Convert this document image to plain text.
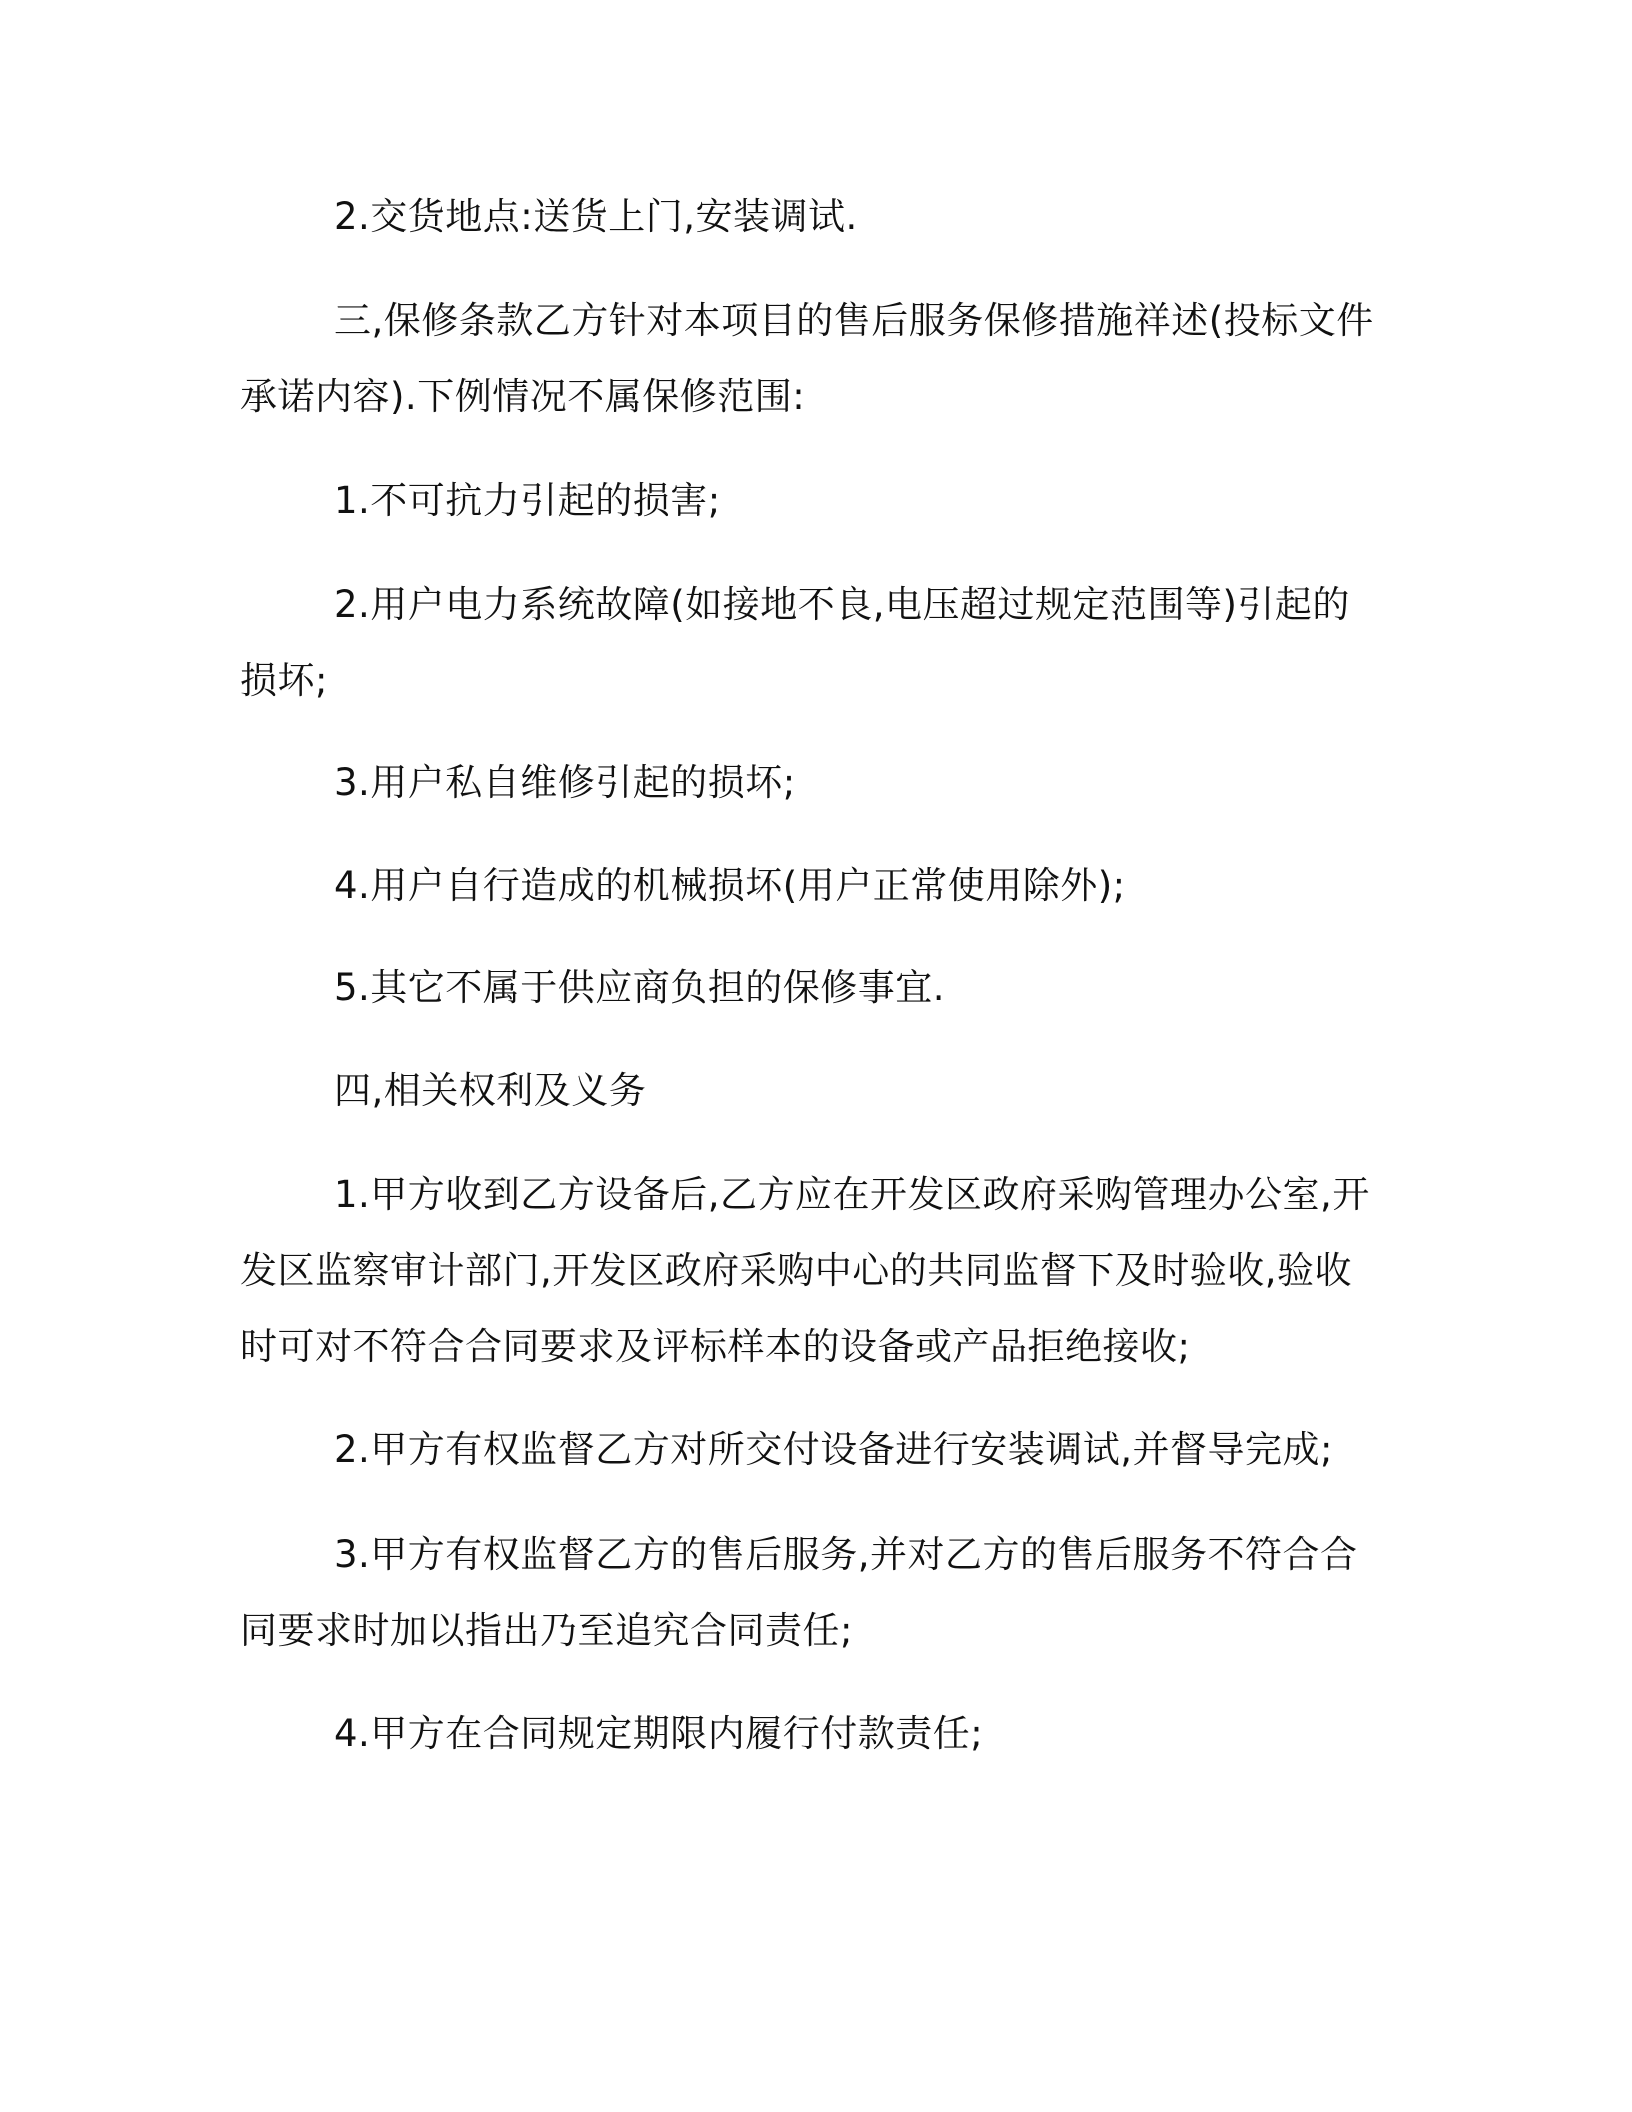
2.交货地点:送货上门,安装调试.

三,保修条款乙方针对本项目的售后服务保修措施祥述(投标文件承诺内容).下例情况不属保修范围:

1.不可抗力引起的损害;

2.用户电力系统故障(如接地不良,电压超过规定范围等)引起的损坏;

3.用户私自维修引起的损坏;

4.用户自行造成的机械损坏(用户正常使用除外);

5.其它不属于供应商负担的保修事宜.

四,相关权利及义务

1.甲方收到乙方设备后,乙方应在开发区政府采购管理办公室,开发区监察审计部门,开发区政府采购中心的共同监督下及时验收,验收时可对不符合合同要求及评标样本的设备或产品拒绝接收;

2.甲方有权监督乙方对所交付设备进行安装调试,并督导完成;

3.甲方有权监督乙方的售后服务,并对乙方的售后服务不符合合同要求时加以指出乃至追究合同责任;

4.甲方在合同规定期限内履行付款责任;
